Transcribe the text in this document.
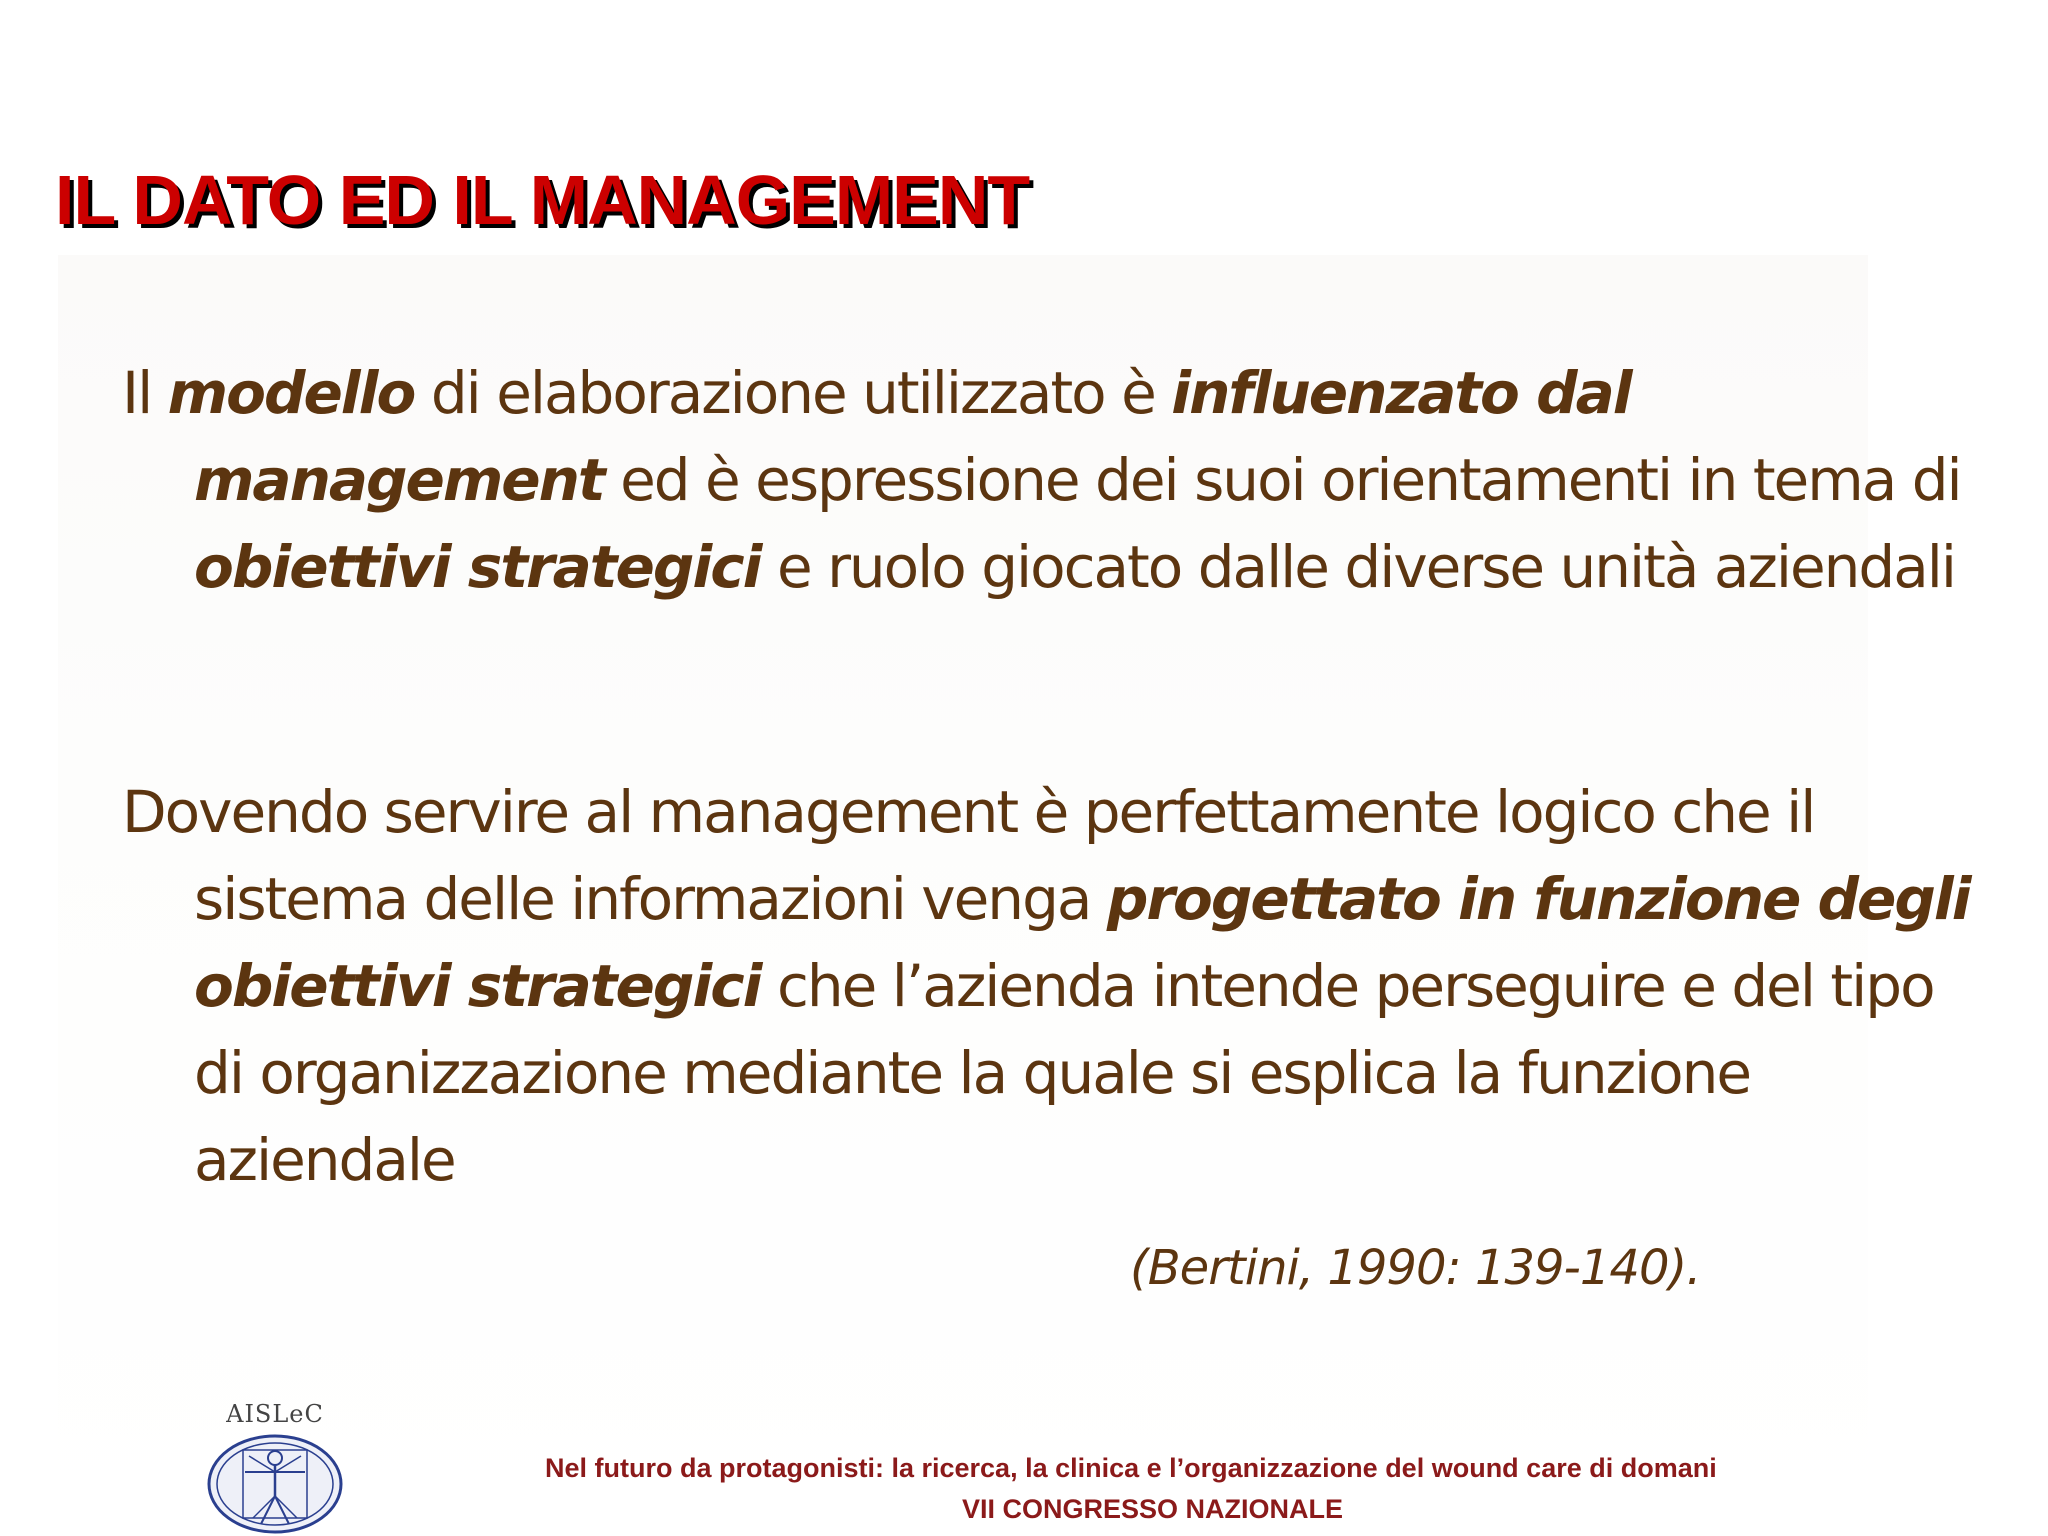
IL DATO ED IL MANAGEMENT

Il modello di elaborazione utilizzato è influenzato dal management ed è espressione dei suoi orientamenti in tema di obiettivi strategici e ruolo giocato dalle diverse unità aziendali

Dovendo servire al management è perfettamente logico che il sistema delle informazioni venga progettato in funzione degli obiettivi strategici che l’azienda intende perseguire e del tipo di organizzazione mediante la quale si esplica la funzione aziendale

(Bertini, 1990: 139-140).

AISLeC

Nel futuro da protagonisti: la ricerca, la clinica e l’organizzazione del wound care di domani

VII CONGRESSO NAZIONALE
